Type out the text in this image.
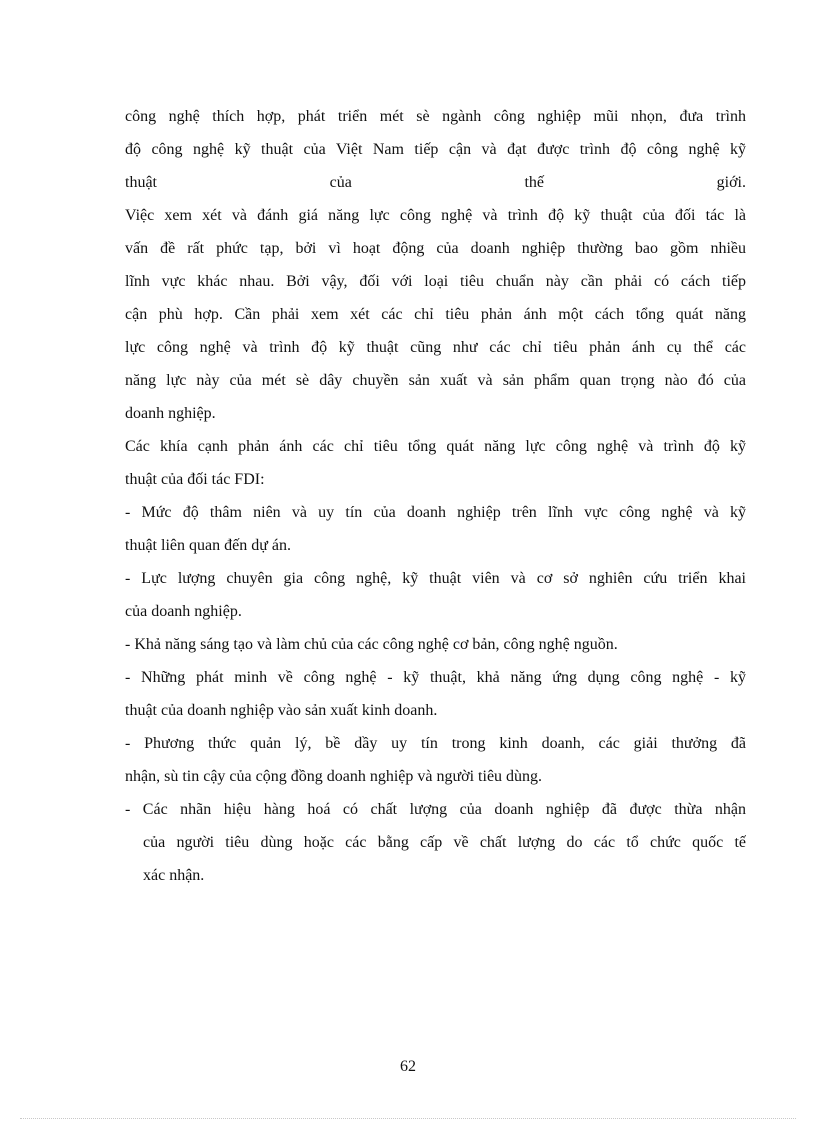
công nghệ thích hợp, phát triển mét sè ngành công nghiệp mũi nhọn, đưa trình
độ công nghệ kỹ thuật của Việt Nam tiếp cận và đạt được trình độ công nghệ kỹ
thuật của thế giới.
Việc xem xét và đánh giá năng lực công nghệ và trình độ kỹ thuật của đối tác là
vấn đề rất phức tạp, bởi vì hoạt động của doanh nghiệp thường bao gồm nhiều
lĩnh vực khác nhau. Bởi vậy, đối với loại tiêu chuẩn này cần phải có cách tiếp
cận phù hợp. Cần phải xem xét các chỉ tiêu phản ánh một cách tổng quát năng
lực công nghệ và trình độ kỹ thuật cũng như các chỉ tiêu phản ánh cụ thể các
năng lực này của mét sè dây chuyền sản xuất và sản phẩm quan trọng nào đó của
doanh nghiệp.
Các khía cạnh phản ánh các chỉ tiêu tổng quát năng lực công nghệ và trình độ kỹ
thuật của đối tác FDI:
- Mức độ thâm niên và uy tín của doanh nghiệp trên lĩnh vực công nghệ và kỹ
thuật liên quan đến dự án.
- Lực lượng chuyên gia công nghệ, kỹ thuật viên và cơ sở nghiên cứu triển khai
của doanh nghiệp.
- Khả năng sáng tạo và làm chủ của các công nghệ cơ bản, công nghệ nguồn.
- Những phát minh về công nghệ - kỹ thuật, khả năng ứng dụng công nghệ - kỹ
thuật của doanh nghiệp vào sản xuất kinh doanh.
- Phương thức quản lý, bề dầy uy tín trong kinh doanh, các giải thưởng đã
nhận, sù tin cậy của cộng đồng doanh nghiệp và người tiêu dùng.
- Các nhãn hiệu hàng hoá có chất lượng của doanh nghiệp đã được thừa nhận
của người tiêu dùng hoặc các bằng cấp về chất lượng do các tổ chức quốc tế
xác nhận.
62
